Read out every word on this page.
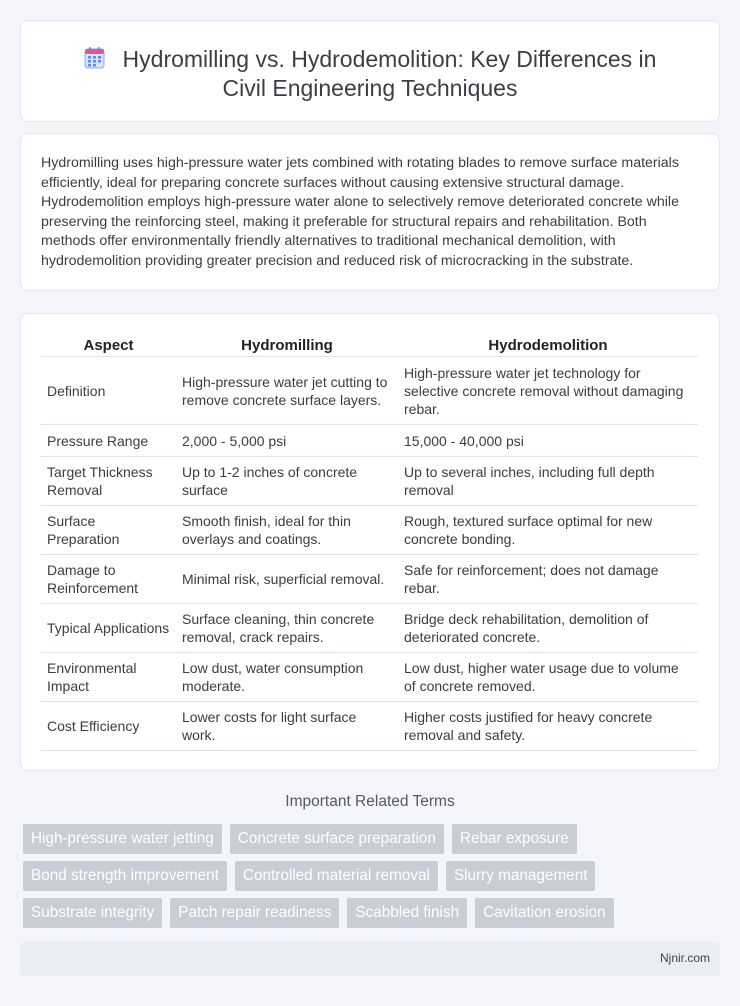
Hydromilling vs. Hydrodemolition: Key Differences in
Civil Engineering Techniques

Hydromilling uses high-pressure water jets combined with rotating blades to remove surface materials efficiently, ideal for preparing concrete surfaces without causing extensive structural damage. Hydrodemolition employs high-pressure water alone to selectively remove deteriorated concrete while preserving the reinforcing steel, making it preferable for structural repairs and rehabilitation. Both methods offer environmentally friendly alternatives to traditional mechanical demolition, with hydrodemolition providing greater precision and reduced risk of microcracking in the substrate.

Aspect	Hydromilling	Hydrodemolition
Definition	High-pressure water jet cutting to remove concrete surface layers.	High-pressure water jet technology for selective concrete removal without damaging rebar.
Pressure Range	2,000 - 5,000 psi	15,000 - 40,000 psi
Target Thickness Removal	Up to 1-2 inches of concrete surface	Up to several inches, including full depth removal
Surface Preparation	Smooth finish, ideal for thin overlays and coatings.	Rough, textured surface optimal for new concrete bonding.
Damage to Reinforcement	Minimal risk, superficial removal.	Safe for reinforcement; does not damage rebar.
Typical Applications	Surface cleaning, thin concrete removal, crack repairs.	Bridge deck rehabilitation, demolition of deteriorated concrete.
Environmental Impact	Low dust, water consumption moderate.	Low dust, higher water usage due to volume of concrete removed.
Cost Efficiency	Lower costs for light surface work.	Higher costs justified for heavy concrete removal and safety.
Important Related Terms
High-pressure water jetting	Concrete surface preparation	Rebar exposure
Bond strength improvement	Controlled material removal	Slurry management
Substrate integrity	Patch repair readiness	Scabbled finish	Cavitation erosion
Njnir.com
